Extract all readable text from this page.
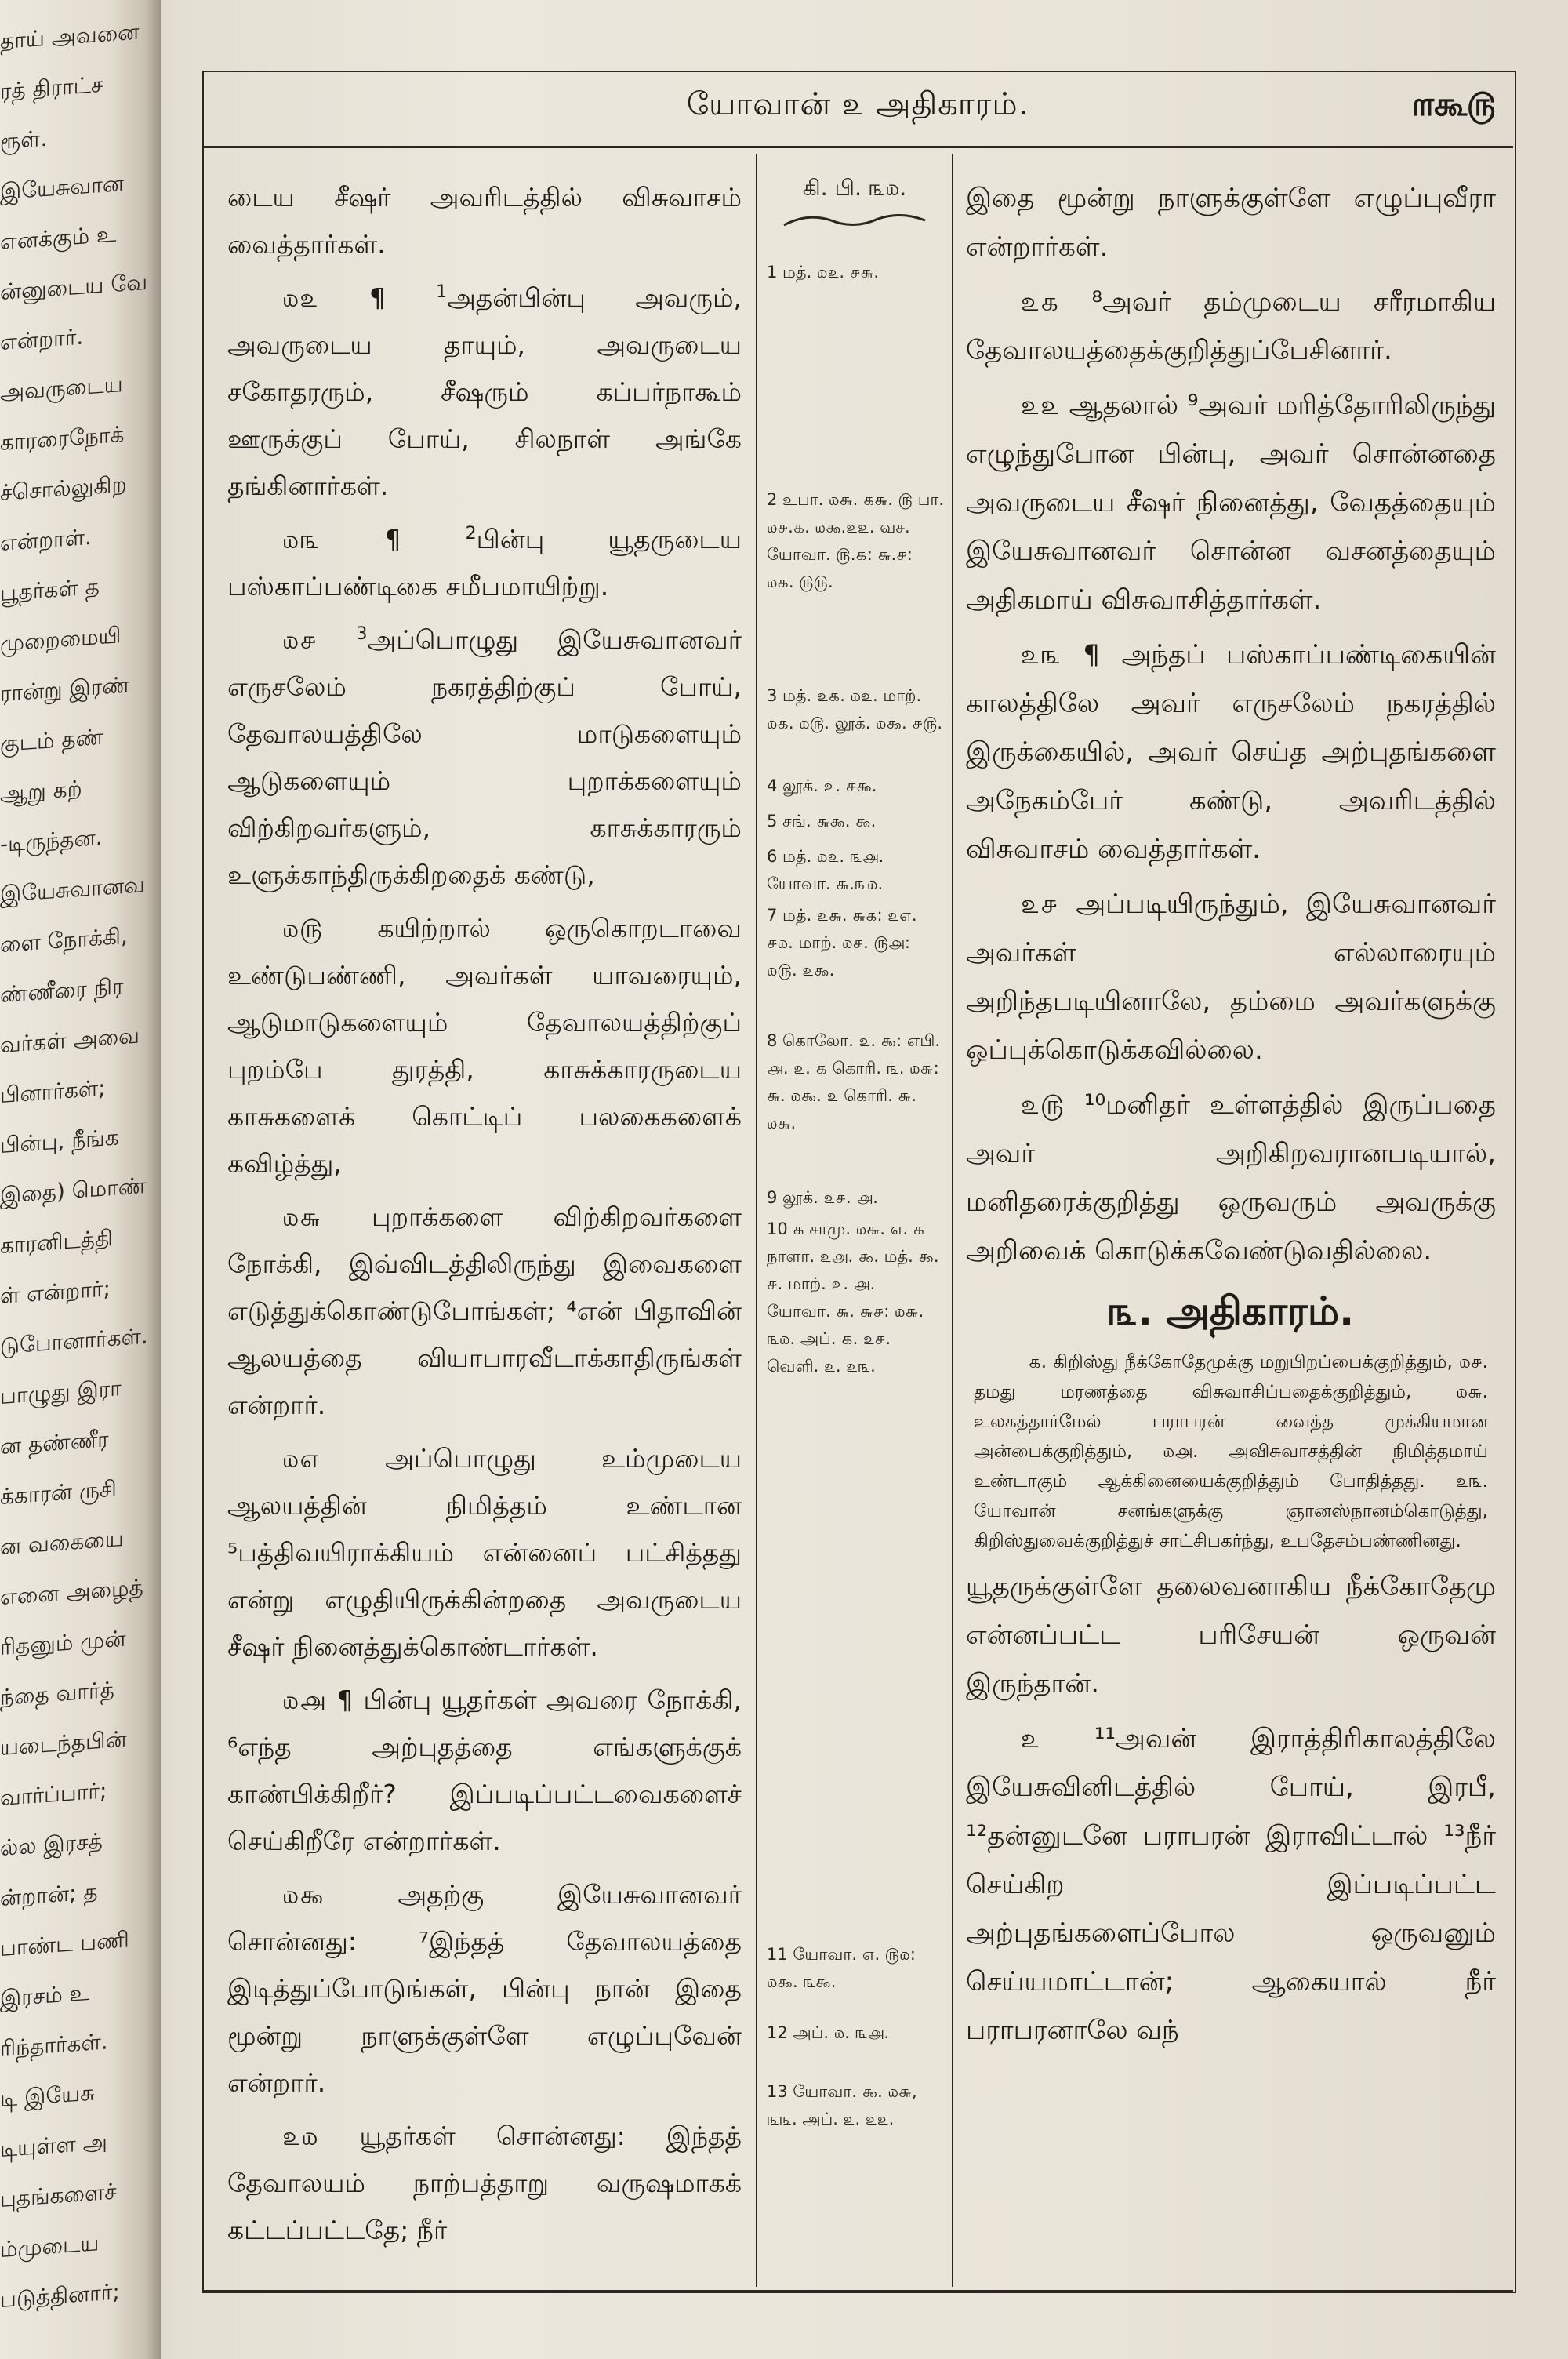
தாய் அவனை
ரத் திராட்ச
ரூள்.
இயேசுவான
எனக்கும் உ
ன்னுடைய வே
என்றார்.
அவருடைய
காரரைநோக்
ச்சொல்லுகிற
என்றாள்.
பூதர்கள் த
முறைமையி
ரான்று இரண்
குடம் தண்
ஆறு கற்
-டிருந்தன.
இயேசுவானவ
ளை நோக்கி,
ண்ணீரை நிர
வர்கள் அவை
பினார்கள்;
பின்பு, நீங்க
இதை) மொண்
காரனிடத்தி
ள் என்றார்;
டுபோனார்கள்.
பாழுது இரா
ன தண்ணீர
க்காரன் ருசி
ன வகையை
எனை அழைத்
ரிதனும் முன்
ந்தை வார்த்
யடைந்தபின்
வார்ப்பார்;
ல்ல இரசத்
ன்றான்; த
பாண்ட பணி
இரசம் உ
ரிந்தார்கள்.
டி இயேசு
டியுள்ள அ
புதங்களைச்
ம்முடைய
படுத்தினார்;
யோவான் ௨ அதிகாரம்.	௱கூ௫

டைய சீஷர் அவரிடத்தில் விசுவாசம் வைத்தார்கள்.

௰௨ ¶	$^1$அதன்பின்பு அவரும், அவருடைய தாயும், அவருடைய சகோதரரும், சீஷரும் கப்பர்நாகூம் ஊருக்குப் போய், சிலநாள் அங்கே தங்கினார்கள்.

௰௩ ¶	$^2$பின்பு யூதருடைய பஸ்காப்பண்டிகை சமீபமாயிற்று.

௰௪ $^3$அப்பொழுது இயேசுவானவர் எருசலேம் நகரத்திற்குப் போய், தேவாலயத்திலே மாடுகளையும் ஆடுகளையும் புறாக்களையும் விற்கிறவர்களும், காசுக்காரரும் உளுக்காந்திருக்கிறதைக் கண்டு,

௰௫ கயிற்றால் ஒருகொறடாவை உண்டுபண்ணி, அவர்கள் யாவரையும், ஆடுமாடுகளையும் தேவாலயத்திற்குப் புறம்பே துரத்தி, காசுக்காரருடைய காசுகளைக் கொட்டிப் பலகைகளைக் கவிழ்த்து,

௰௬ புறாக்களை விற்கிறவர்களை நோக்கி, இவ்விடத்திலிருந்து இவைகளை எடுத்துக்கொண்டுபோங்கள்; ⁴என் பிதாவின் ஆலயத்தை வியாபாரவீடாக்காதிருங்கள் என்றார்.

௰௭	அப்பொழுது உம்முடைய ஆலயத்தின் நிமித்தம் உண்டான ⁵பத்திவயிராக்கியம் என்னைப் பட்சித்தது என்று எழுதியிருக்கின்றதை அவருடைய சீஷர் நினைத்துக்கொண்டார்கள்.

௰௮ ¶ பின்பு யூதர்கள் அவரை நோக்கி, ⁶எந்த அற்புதத்தை எங்களுக்குக் காண்பிக்கிறீர்? இப்படிப்பட்டவைகளைச் செய்கிறீரே என்றார்கள்.

௰௯	அதற்கு இயேசுவானவர் சொன்னது: ⁷இந்தத் தேவாலயத்தை இடித்துப்போடுங்கள், பின்பு நான் இதை மூன்று நாளுக்குள்ளே எழுப்புவேன் என்றார்.

௨௰ யூதர்கள் சொன்னது: இந்தத் தேவாலயம் நாற்பத்தாறு வருஷமாகக் கட்டப்பட்டதே; நீர்

கி. பி. ௩௰.
1 மத். ௰௨. ௪௬.
2 உபா. ௰௬. ௧௬. ௫ பா. ௰௪.௧. ௰௯.௨௨. வச. யோவா. ௫.௧: ௬.௪: ௰௧. ௫௫.
3 மத். ௨௧. ௰௨. மாற். ௰௧. ௰௫. லூக். ௰௯. ௪௫.
4 லூக். ௨. ௪௯.
5 சங். ௬௯. ௯.
6 மத். ௰௨. ௩௮. யோவா. ௬.௩௰.
7 மத். ௨௬. ௬௧: ௨௭. ௪௰. மாற். ௰௪. ௫௮: ௰௫. ௨௯.
8 கொலோ. ௨. ௯: எபி. ௮. ௨. ௧ கொரி. ௩. ௰௬: ௬. ௰௯. ௨ கொரி. ௬. ௰௬.
9 லூக். ௨௪. ௮.
10 ௧ சாமு. ௰௬. ௭. ௧ நாளா. ௨௮. ௯. மத். ௯. ௪. மாற். ௨. ௮. யோவா. ௬. ௬௪: ௰௬. ௩௰. அப். ௧. ௨௪. வெளி. ௨. ௨௩.
11 யோவா. ௭. ௫௰: ௰௯. ௩௯.
12 அப். ௰. ௩௮.
13 யோவா. ௯. ௰௬, ௩௩. அப். ௨. ௨௨.

இதை மூன்று நாளுக்குள்ளே எழுப்புவீரா என்றார்கள்.

௨௧ ⁸அவர் தம்முடைய சரீரமாகிய தேவாலயத்தைக்குறித்துப்பேசினார்.

௨௨ ஆதலால் ⁹அவர் மரித்தோரிலிருந்து எழுந்துபோன பின்பு, அவர் சொன்னதை அவருடைய சீஷர் நினைத்து, வேதத்தையும் இயேசுவானவர் சொன்ன வசனத்தையும் அதிகமாய் விசுவாசித்தார்கள்.

௨௩ ¶ அந்தப் பஸ்காப்பண்டிகையின் காலத்திலே அவர் எருசலேம் நகரத்தில் இருக்கையில், அவர் செய்த அற்புதங்களை அநேகம்பேர் கண்டு, அவரிடத்தில் விசுவாசம் வைத்தார்கள்.

௨௪ அப்படியிருந்தும், இயேசுவானவர் அவர்கள் எல்லாரையும் அறிந்தபடியினாலே, தம்மை அவர்களுக்கு ஒப்புக்கொடுக்கவில்லை.

௨௫ ¹⁰மனிதர் உள்ளத்தில் இருப்பதை அவர் அறிகிறவரானபடியால், மனிதரைக்குறித்து ஒருவரும் அவருக்கு அறிவைக் கொடுக்கவேண்டுவதில்லை.

௩. அதிகாரம்.

௧. கிறிஸ்து நீக்கோதேமுக்கு மறுபிறப்பைக்குறித்தும், ௰௪. தமது மரணத்தை விசுவாசிப்பதைக்குறித்தும், ௰௬. உலகத்தார்மேல் பராபரன் வைத்த முக்கியமான அன்பைக்குறித்தும், ௰௮. அவிசுவாசத்தின் நிமித்தமாய் உண்டாகும் ஆக்கினையைக்குறித்தும் போதித்தது. ௨௩. யோவான் சனங்களுக்கு ஞானஸ்நானம்கொடுத்து, கிறிஸ்துவைக்குறித்துச் சாட்சிபகர்ந்து, உபதேசம்பண்ணினது.

யூதருக்குள்ளே தலைவனாகிய நீக்கோதேமு என்னப்பட்ட பரிசேயன் ஒருவன் இருந்தான்.

௨ ¹¹அவன் இராத்திரிகாலத்திலே இயேசுவினிடத்தில் போய், இரபீ, ¹²தன்னுடனே பராபரன் இராவிட்டால் ¹³நீர் செய்கிற இப்படிப்பட்ட அற்புதங்களைப்போல ஒருவனும் செய்யமாட்டான்; ஆகையால் நீர் பராபரனாலே வந்
